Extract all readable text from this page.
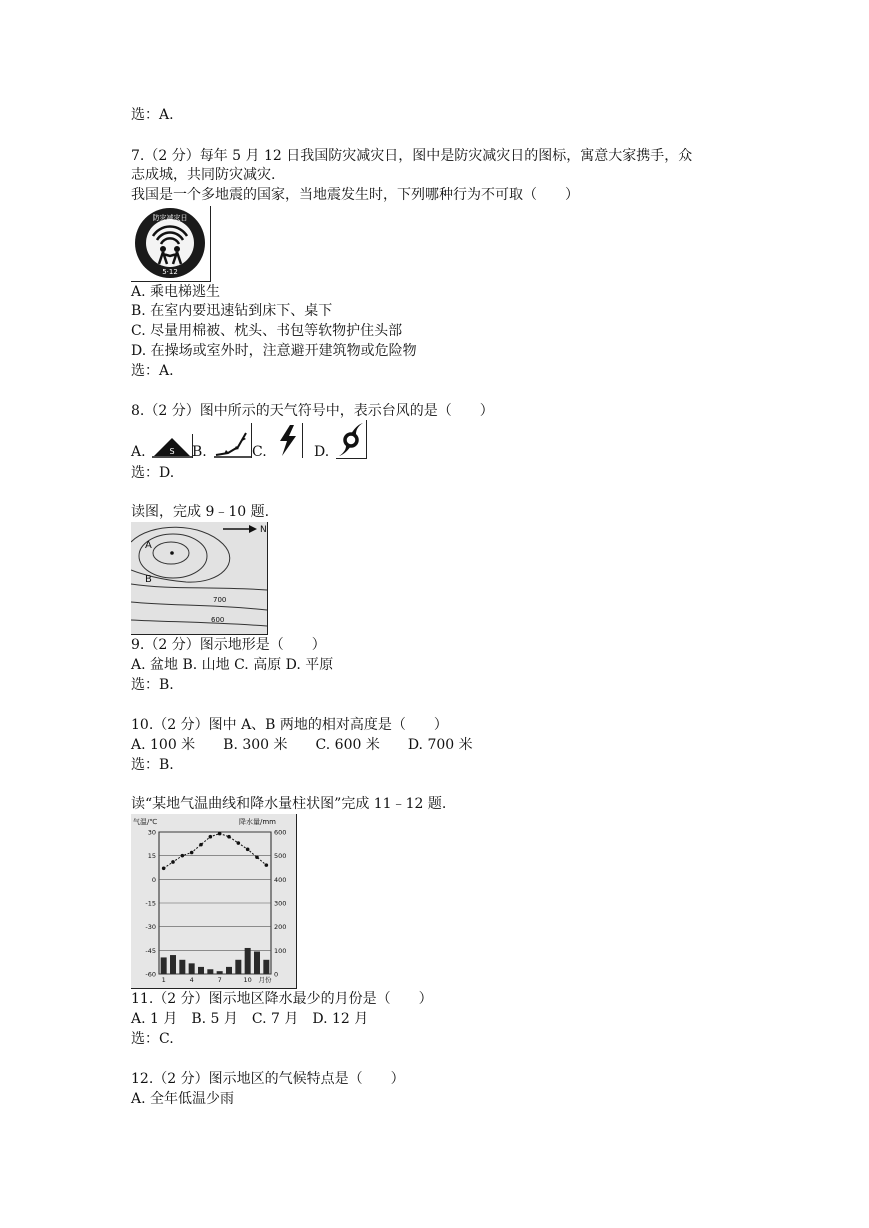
选：A.
7.（2 分）每年 5 月 12 日我国防灾减灾日，图中是防灾减灾日的图标，寓意大家携手，众
志成城，共同防灾减灾.
我国是一个多地震的国家，当地震发生时，下列哪种行为不可取（　　）
防灾减灾日
5·12
A. 乘电梯逃生
B. 在室内要迅速钻到床下、桌下
C. 尽量用棉被、枕头、书包等软物护住头部
D. 在操场或室外时，注意避开建筑物或危险物
选：A.
8.（2 分）图中所示的天气符号中，表示台风的是（　　）
A.	S B.	C.	D.
选：D.
读图，完成 9﹣10 题.
N
A
B
700
600
9.（2 分）图示地形是（　　）
A. 盆地 B. 山地 C. 高原 D. 平原
选：B.
10.（2 分）图中 A、B 两地的相对高度是（　　）
A. 100 米　　B. 300 米　　C. 600 米　　D. 700 米
选：B.
读“某地气温曲线和降水量柱状图”完成 11﹣12 题.
气温/℃	降水量/mm
30
15
0
-15
-30
-45
-60
600
500
400
300
200
100
0
1	4	7	10 月份
11.（2 分）图示地区降水最少的月份是（　　）
A. 1 月　B. 5 月　C. 7 月　D. 12 月
选：C.
12.（2 分）图示地区的气候特点是（　　）
A. 全年低温少雨
